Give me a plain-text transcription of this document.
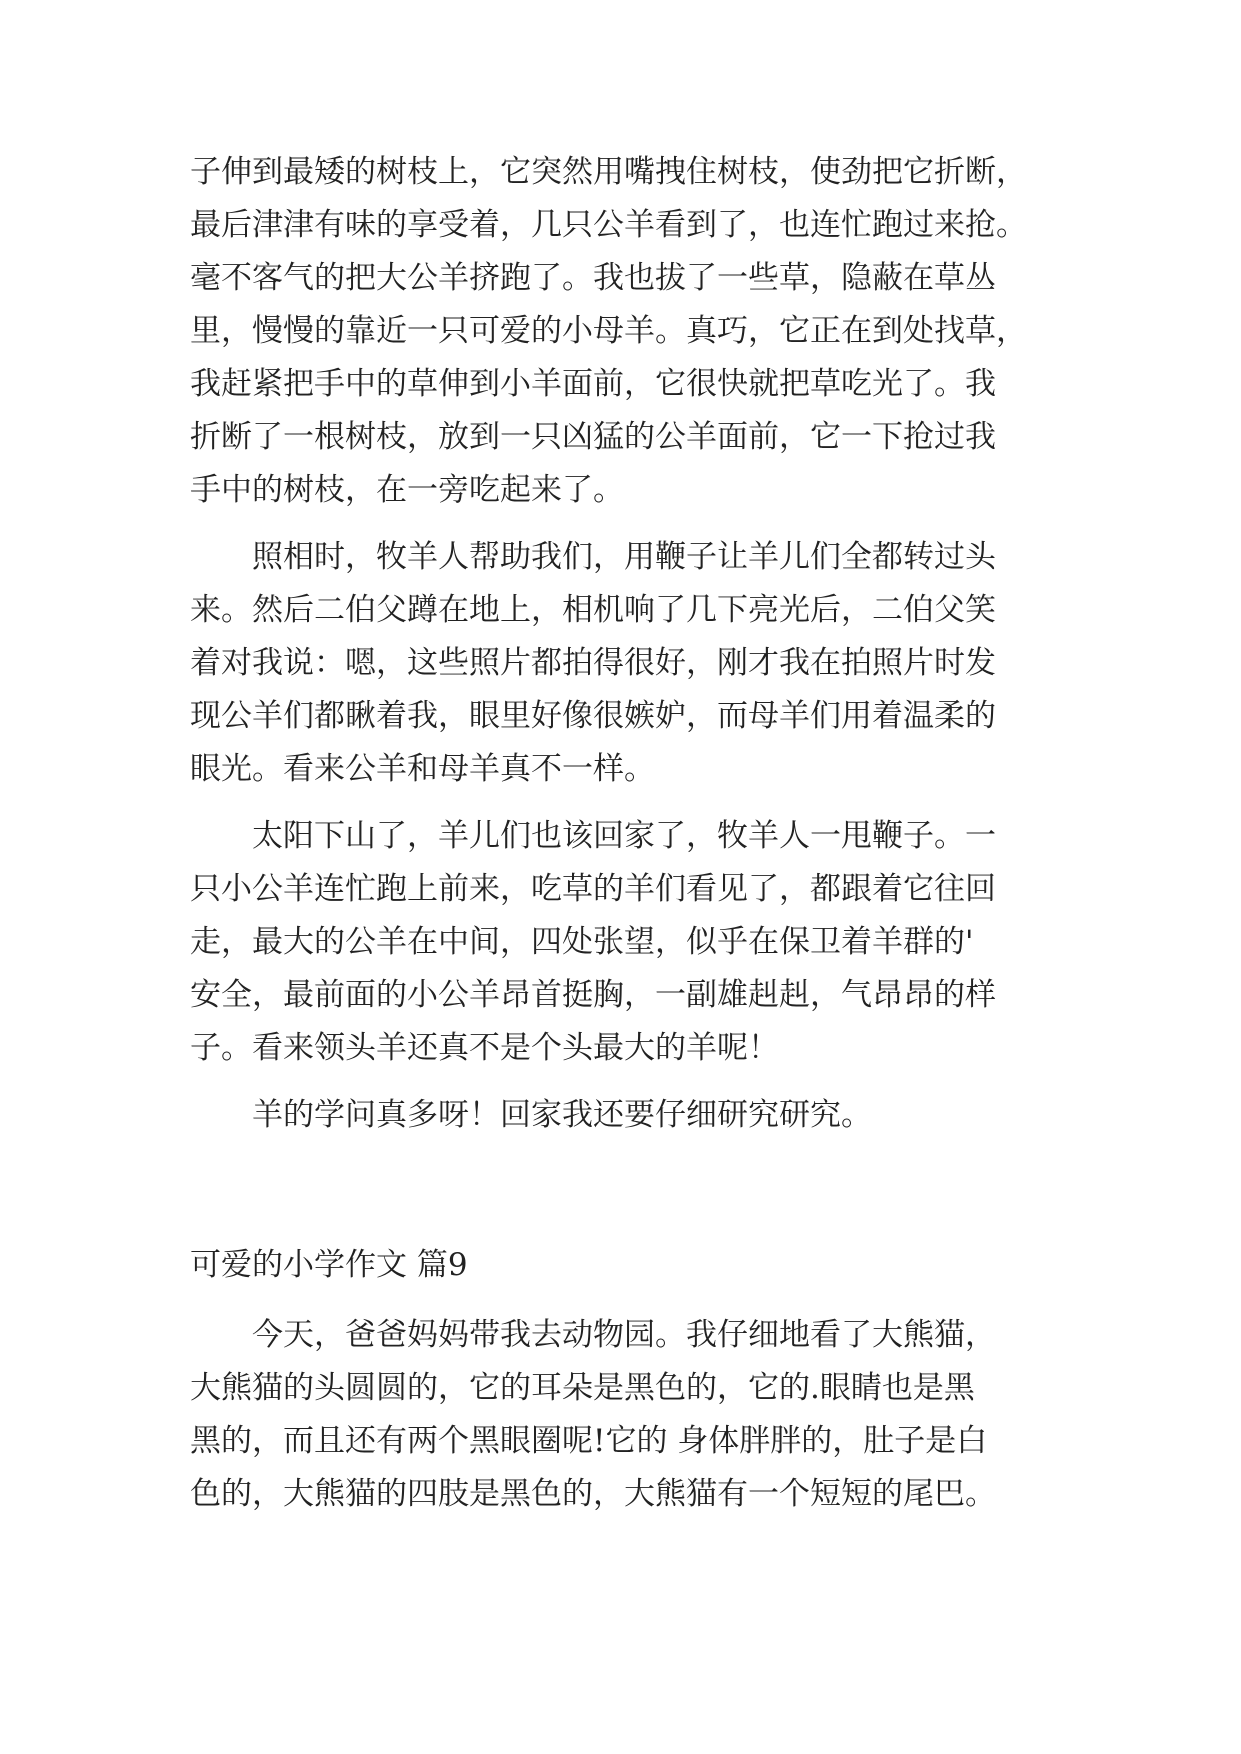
子伸到最矮的树枝上，它突然用嘴拽住树枝，使劲把它折断，
最后津津有味的享受着，几只公羊看到了，也连忙跑过来抢。
毫不客气的把大公羊挤跑了。我也拔了一些草，隐蔽在草丛
里，慢慢的靠近一只可爱的小母羊。真巧，它正在到处找草，
我赶紧把手中的草伸到小羊面前，它很快就把草吃光了。我
折断了一根树枝，放到一只凶猛的公羊面前，它一下抢过我
手中的树枝，在一旁吃起来了。
照相时，牧羊人帮助我们，用鞭子让羊儿们全都转过头
来。然后二伯父蹲在地上，相机响了几下亮光后，二伯父笑
着对我说：嗯，这些照片都拍得很好，刚才我在拍照片时发
现公羊们都瞅着我，眼里好像很嫉妒，而母羊们用着温柔的
眼光。看来公羊和母羊真不一样。
太阳下山了，羊儿们也该回家了，牧羊人一甩鞭子。一
只小公羊连忙跑上前来，吃草的羊们看见了，都跟着它往回
走，最大的公羊在中间，四处张望，似乎在保卫着羊群的'
安全，最前面的小公羊昂首挺胸，一副雄赳赳，气昂昂的样
子。看来领头羊还真不是个头最大的羊呢！
羊的学问真多呀！回家我还要仔细研究研究。
可爱的小学作文 篇9
今天，爸爸妈妈带我去动物园。我仔细地看了大熊猫，
大熊猫的头圆圆的，它的耳朵是黑色的，它的.眼睛也是黑
黑的，而且还有两个黑眼圈呢!它的 身体胖胖的，肚子是白
色的，大熊猫的四肢是黑色的，大熊猫有一个短短的尾巴。
